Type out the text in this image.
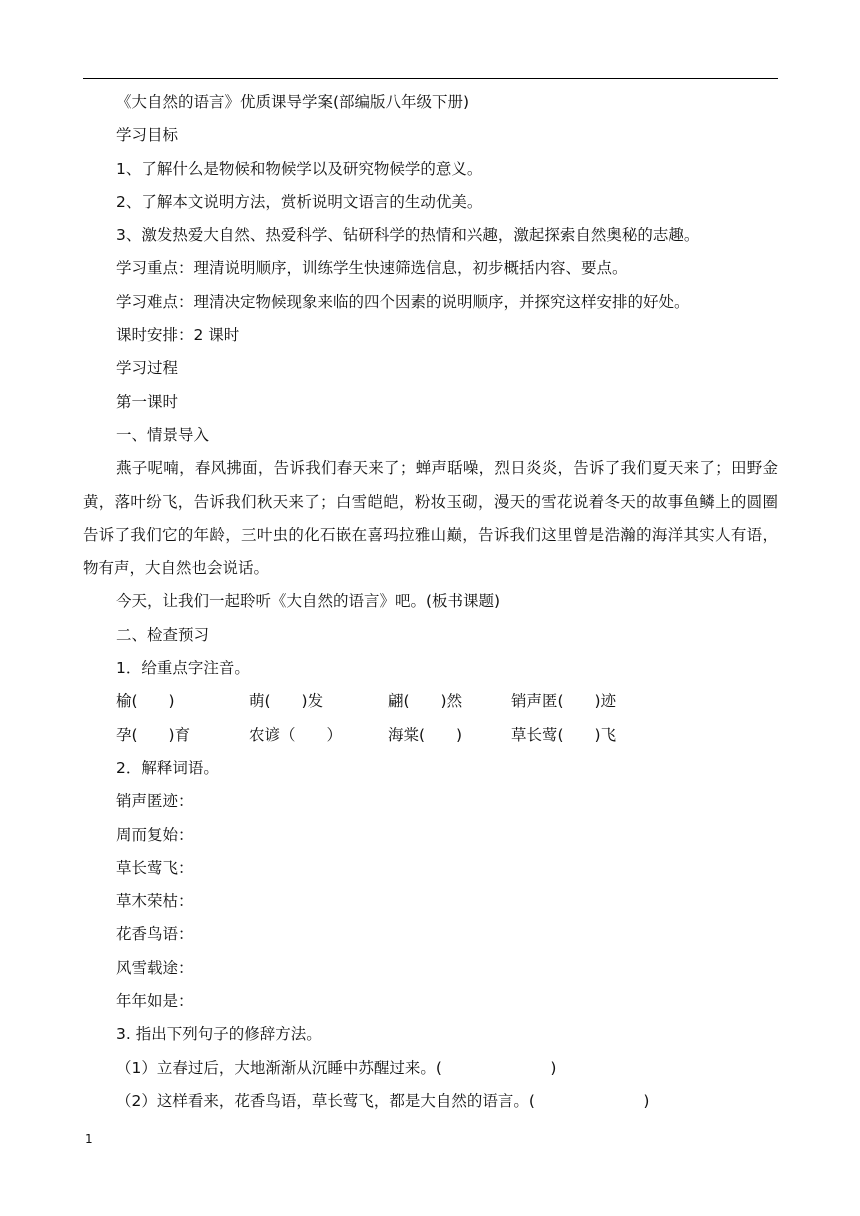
《大自然的语言》优质课导学案(部编版八年级下册)

学习目标

1、了解什么是物候和物候学以及研究物候学的意义。

2、了解本文说明方法，赏析说明文语言的生动优美。

3、激发热爱大自然、热爱科学、钻研科学的热情和兴趣，激起探索自然奥秘的志趣。

学习重点：理清说明顺序，训练学生快速筛选信息，初步概括内容、要点。

学习难点：理清决定物候现象来临的四个因素的说明顺序，并探究这样安排的好处。

课时安排：2 课时

学习过程

第一课时

一、情景导入

燕子呢喃，春风拂面，告诉我们春天来了；蝉声聒噪，烈日炎炎，告诉了我们夏天来了；田野金黄，落叶纷飞，告诉我们秋天来了；白雪皑皑，粉妆玉砌，漫天的雪花说着冬天的故事鱼鳞上的圆圈告诉了我们它的年龄，三叶虫的化石嵌在喜玛拉雅山巅，告诉我们这里曾是浩瀚的海洋其实人有语，物有声，大自然也会说话。

今天，让我们一起聆听《大自然的语言》吧。(板书课题)

二、检查预习

1．给重点字注音。

榆(　　)	萌(　　)发	翩(　　)然	销声匿(　　)迹
孕(　　)育	农谚（　　）	海棠(　　)	草长莺(　　)飞

2．解释词语。

销声匿迹：

周而复始：

草长莺飞：

草木荣枯：

花香鸟语：

风雪载途：

年年如是：

3. 指出下列句子的修辞方法。

（1）立春过后，大地渐渐从沉睡中苏醒过来。(　　　　　　　)

（2）这样看来，花香鸟语，草长莺飞，都是大自然的语言。(　　　　　　　)

1
